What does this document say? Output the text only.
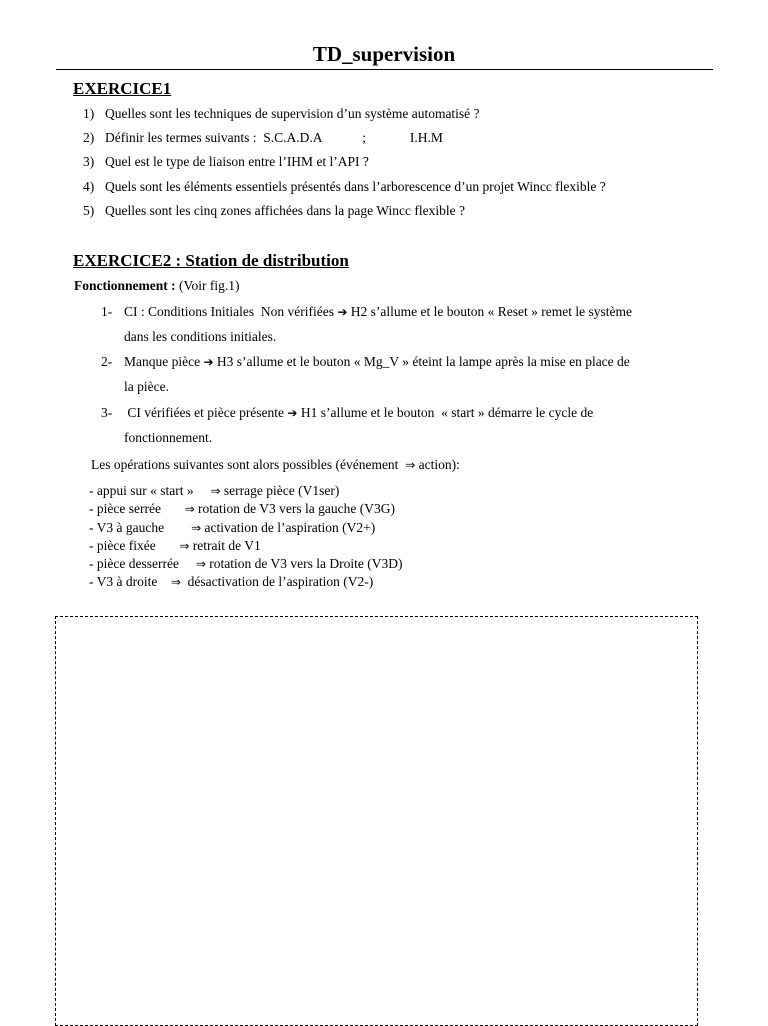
TD_supervision
EXERCICE1
1) Quelles sont les techniques de supervision d’un système automatisé ?
2) Définir les termes suivants :  S.C.A.D.A            ;             I.H.M
3) Quel est le type de liaison entre l’IHM et l’API ?
4) Quels sont les éléments essentiels présentés dans l’arborescence d’un projet Wincc flexible ?
5) Quelles sont les cinq zones affichées dans la page Wincc flexible ?
EXERCICE2 : Station de distribution
Fonctionnement : (Voir fig.1)
1- CI : Conditions Initiales  Non vérifiées ➔ H2 s’allume et le bouton « Reset » remet le système
dans les conditions initiales.
2- Manque pièce ➔ H3 s’allume et le bouton « Mg_V » éteint la lampe après la mise en place de
la pièce.
3- CI vérifiées et pièce présente ➔ H1 s’allume et le bouton  « start » démarre le cycle de
fonctionnement.
Les opérations suivantes sont alors possibles (événement  ⇒ action):
- appui sur « start »     ⇒ serrage pièce (V1ser)
- pièce serrée       ⇒ rotation de V3 vers la gauche (V3G)
- V3 à gauche        ⇒ activation de l’aspiration (V2+)
- pièce fixée       ⇒ retrait de V1
- pièce desserrée     ⇒ rotation de V3 vers la Droite (V3D)
- V3 à droite    ⇒  désactivation de l’aspiration (V2-)
